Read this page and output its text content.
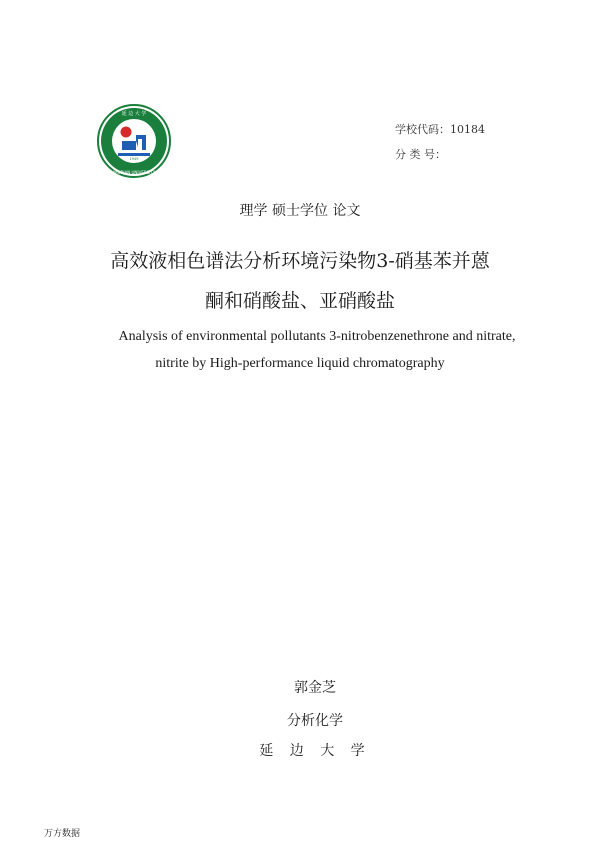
1949
延 边 大 学
YANBIAN UNIVERSITY
学校代码：10184
分 类 号：
理学 硕士学位 论文
高效液相色谱法分析环境污染物3-硝基苯并蒽
酮和硝酸盐、亚硝酸盐
Analysis of environmental pollutants 3-nitrobenzenethrone and nitrate,
nitrite by High-performance liquid chromatography
郭金芝
分析化学
延 边 大 学
万方数据
